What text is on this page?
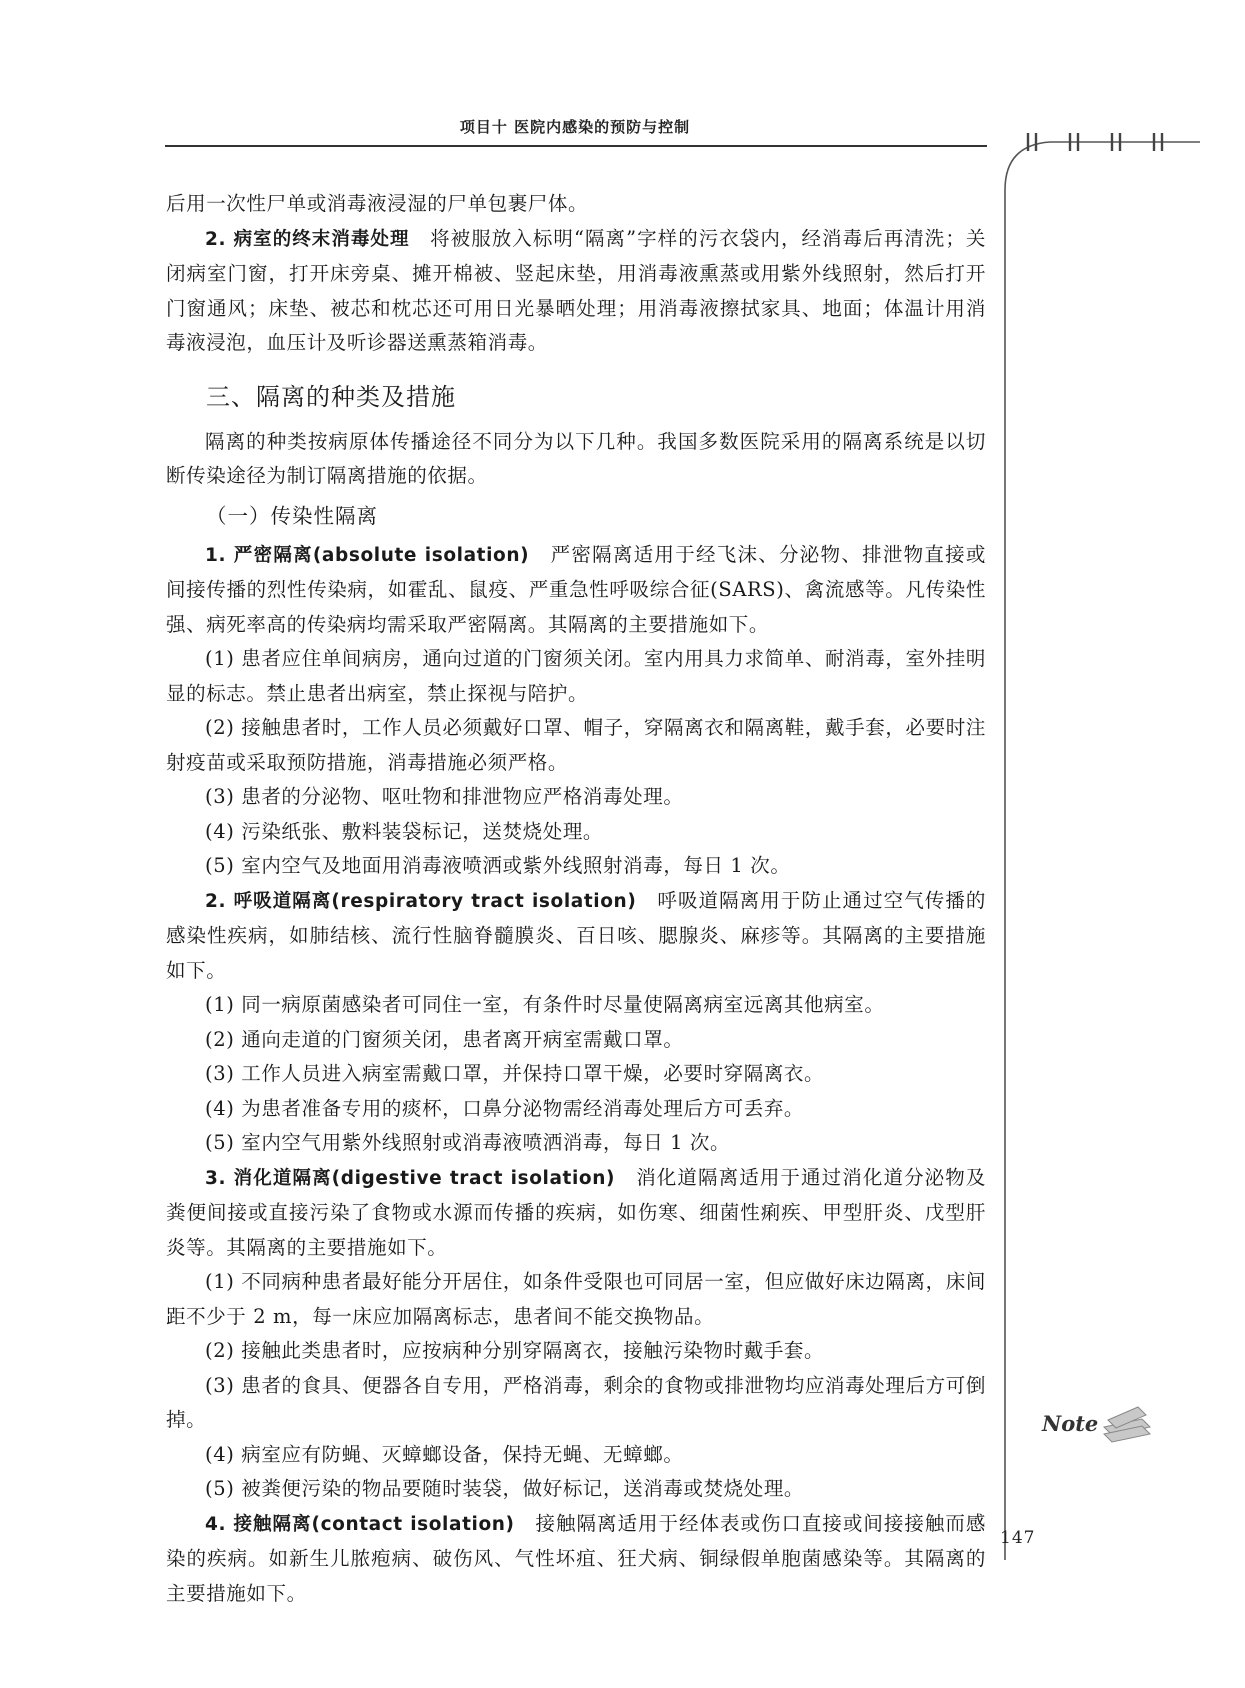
项目十 医院内感染的预防与控制
Note

后用一次性尸单或消毒液浸湿的尸单包裹尸体。

2. 病室的终末消毒处理　将被服放入标明“隔离”字样的污衣袋内，经消毒后再清洗；关闭病室门窗，打开床旁桌、摊开棉被、竖起床垫，用消毒液熏蒸或用紫外线照射，然后打开门窗通风；床垫、被芯和枕芯还可用日光暴晒处理；用消毒液擦拭家具、地面；体温计用消毒液浸泡，血压计及听诊器送熏蒸箱消毒。

三、隔离的种类及措施

隔离的种类按病原体传播途径不同分为以下几种。我国多数医院采用的隔离系统是以切断传染途径为制订隔离措施的依据。

（一）传染性隔离

1. 严密隔离(absolute isolation)　严密隔离适用于经飞沫、分泌物、排泄物直接或间接传播的烈性传染病，如霍乱、鼠疫、严重急性呼吸综合征(SARS)、禽流感等。凡传染性强、病死率高的传染病均需采取严密隔离。其隔离的主要措施如下。

(1) 患者应住单间病房，通向过道的门窗须关闭。室内用具力求简单、耐消毒，室外挂明显的标志。禁止患者出病室，禁止探视与陪护。

(2) 接触患者时，工作人员必须戴好口罩、帽子，穿隔离衣和隔离鞋，戴手套，必要时注射疫苗或采取预防措施，消毒措施必须严格。

(3) 患者的分泌物、呕吐物和排泄物应严格消毒处理。

(4) 污染纸张、敷料装袋标记，送焚烧处理。

(5) 室内空气及地面用消毒液喷洒或紫外线照射消毒，每日 1 次。

2. 呼吸道隔离(respiratory tract isolation)　呼吸道隔离用于防止通过空气传播的感染性疾病，如肺结核、流行性脑脊髓膜炎、百日咳、腮腺炎、麻疹等。其隔离的主要措施如下。

(1) 同一病原菌感染者可同住一室，有条件时尽量使隔离病室远离其他病室。

(2) 通向走道的门窗须关闭，患者离开病室需戴口罩。

(3) 工作人员进入病室需戴口罩，并保持口罩干燥，必要时穿隔离衣。

(4) 为患者准备专用的痰杯，口鼻分泌物需经消毒处理后方可丢弃。

(5) 室内空气用紫外线照射或消毒液喷洒消毒，每日 1 次。

3. 消化道隔离(digestive tract isolation)　消化道隔离适用于通过消化道分泌物及粪便间接或直接污染了食物或水源而传播的疾病，如伤寒、细菌性痢疾、甲型肝炎、戊型肝炎等。其隔离的主要措施如下。

(1) 不同病种患者最好能分开居住，如条件受限也可同居一室，但应做好床边隔离，床间距不少于 2 m，每一床应加隔离标志，患者间不能交换物品。

(2) 接触此类患者时，应按病种分别穿隔离衣，接触污染物时戴手套。

(3) 患者的食具、便器各自专用，严格消毒，剩余的食物或排泄物均应消毒处理后方可倒掉。

(4) 病室应有防蝇、灭蟑螂设备，保持无蝇、无蟑螂。

(5) 被粪便污染的物品要随时装袋，做好标记，送消毒或焚烧处理。

4. 接触隔离(contact isolation)　接触隔离适用于经体表或伤口直接或间接接触而感染的疾病。如新生儿脓疱病、破伤风、气性坏疽、狂犬病、铜绿假单胞菌感染等。其隔离的主要措施如下。

147
